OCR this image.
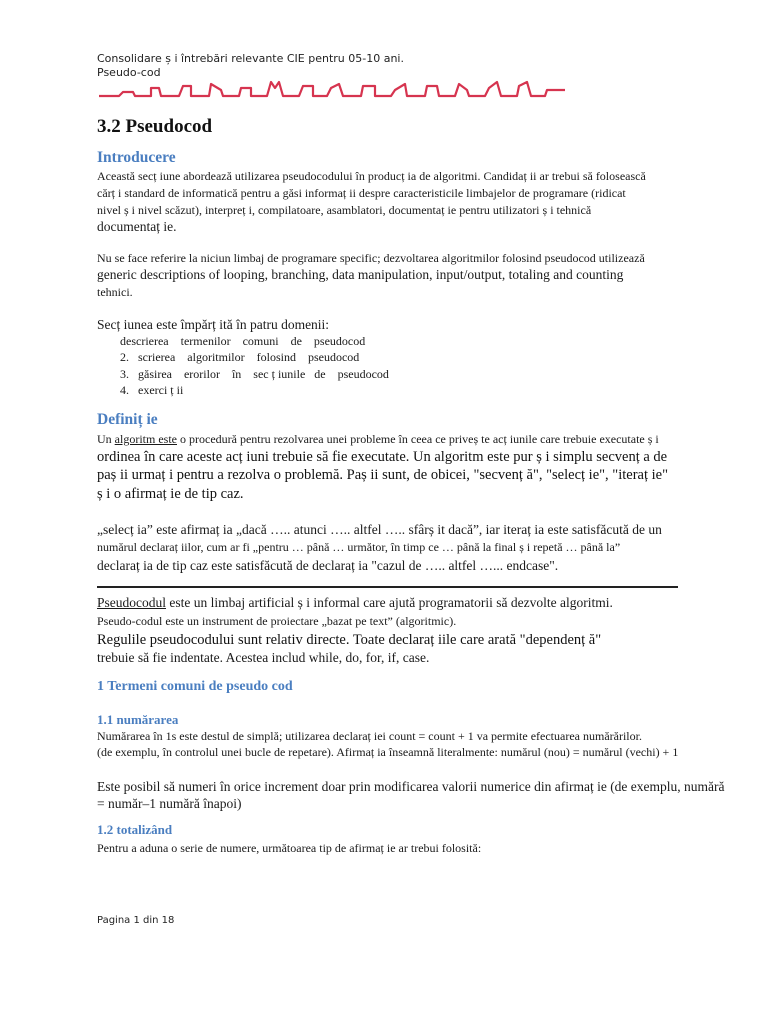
Consolidare ș i întrebări relevante CIE pentru 05-10 ani.
Pseudo-cod
3.2 Pseudocod
Introducere
Această secț iune abordează utilizarea pseudocodului în producț ia de algoritmi. Candidaț ii ar trebui să folosească
cărț i standard de informatică pentru a găsi informaț ii despre caracteristicile limbajelor de programare (ridicat
nivel ș i nivel scăzut), interpreț i, compilatoare, asamblatori, documentaț ie pentru utilizatori ș i tehnică
documentaț ie.
Nu se face referire la niciun limbaj de programare specific; dezvoltarea algoritmilor folosind pseudocod utilizează
generic descriptions of looping, branching, data manipulation, input/output, totaling and counting
tehnici.
Secț iunea este împărț ită în patru domenii:
descrierea    termenilor    comuni    de    pseudocod
2.   scrierea    algoritmilor    folosind    pseudocod
3.   găsirea    erorilor    în    sec ț iunile   de    pseudocod
4.   exerci ț ii
Definiț ie
Un algoritm este o procedură pentru rezolvarea unei probleme în ceea ce priveș te acț iunile care trebuie executate ș i
ordinea în care aceste acț iuni trebuie să fie executate. Un algoritm este pur ș i simplu secvenț a de
paș ii urmaț i pentru a rezolva o problemă. Paș ii sunt, de obicei, "secvenț ă", "selecț ie", "iteraț ie"
ș i o afirmaț ie de tip caz.
„selecț ia” este afirmaț ia „dacă ….. atunci ….. altfel ….. sfârș it dacă”, iar iteraț ia este satisfăcută de un
numărul declaraț iilor, cum ar fi „pentru … până … următor, în timp ce … până la final ș i repetă … până la”
declaraț ia de tip caz este satisfăcută de declaraț ia "cazul de ….. altfel …... endcase".
Pseudocodul este un limbaj artificial ș i informal care ajută programatorii să dezvolte algoritmi.
Pseudo-codul este un instrument de proiectare „bazat pe text” (algoritmic).
Regulile pseudocodului sunt relativ directe. Toate declaraț iile care arată "dependenț ă"
trebuie să fie indentate. Acestea includ while, do, for, if, case.
1 Termeni comuni de pseudo cod
1.1 numărarea
Numărarea în 1s este destul de simplă; utilizarea declaraț iei count = count + 1 va permite efectuarea numărărilor.
(de exemplu, în controlul unei bucle de repetare). Afirmaț ia înseamnă literalmente: numărul (nou) = numărul (vechi) + 1
Este posibil să numeri în orice increment doar prin modificarea valorii numerice din afirmaț ie (de exemplu, numără
= număr–1 numără înapoi)
1.2 totalizând
Pentru a aduna o serie de numere, următoarea tip de afirmaț ie ar trebui folosită:
Pagina 1 din 18
